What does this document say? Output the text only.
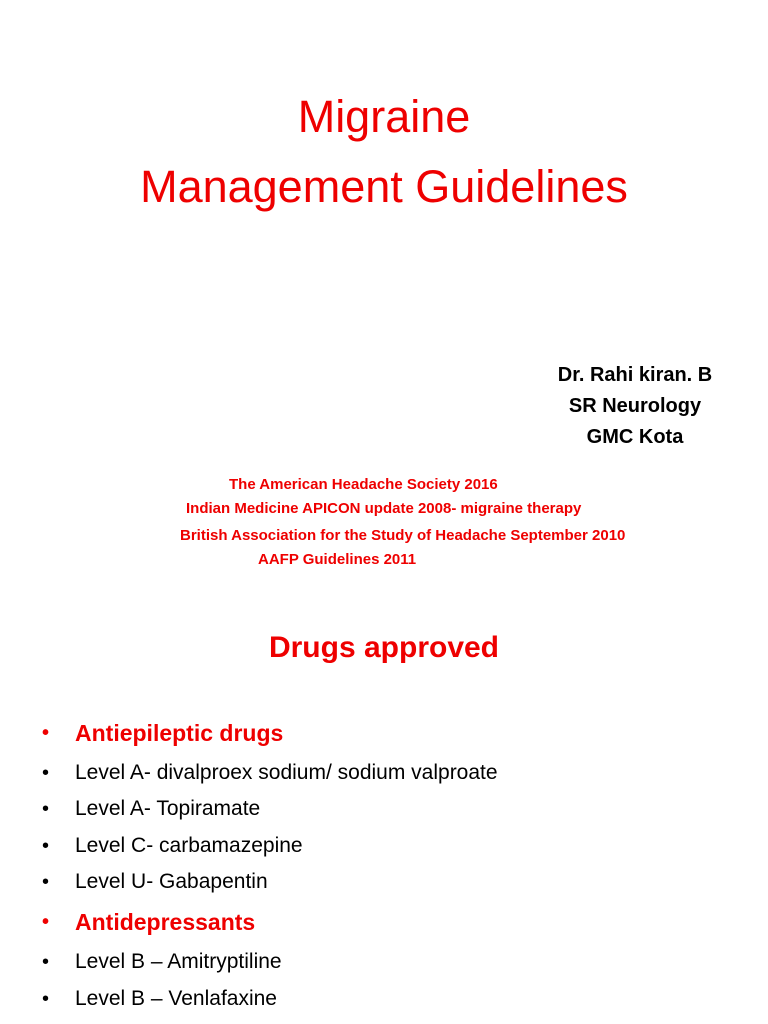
Migraine
Management Guidelines
Dr. Rahi kiran. B
SR Neurology
GMC Kota
The American Headache Society 2016
Indian Medicine APICON update 2008- migraine therapy
British Association for the Study of Headache September 2010
AAFP Guidelines 2011
Drugs approved
•	Antiepileptic drugs
•	Level A- divalproex sodium/ sodium valproate
•	Level A- Topiramate
•	Level C- carbamazepine
•	Level U- Gabapentin
•	Antidepressants
•	Level B – Amitryptiline
•	Level B – Venlafaxine
